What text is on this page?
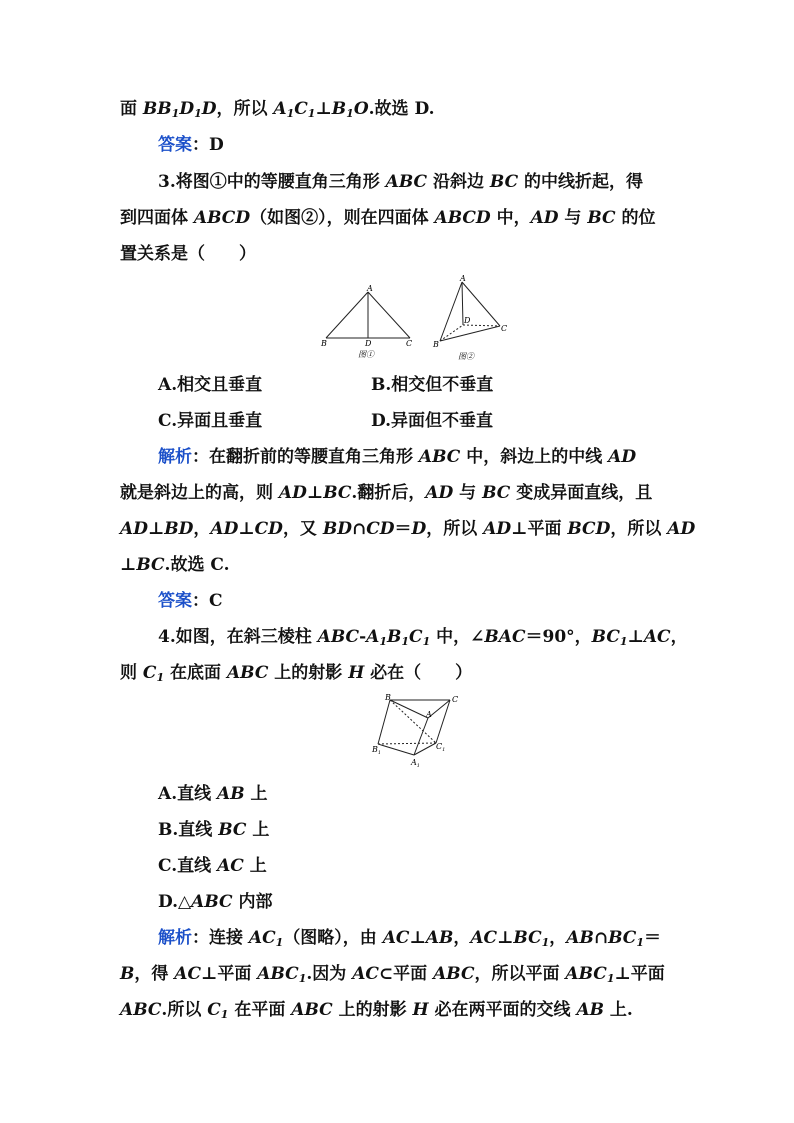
面 $BB_1D_1D$，所以 $A_1C_1\perp B_1O$.故选 D.
答案：D
3.将图①中的等腰直角三角形 ABC 沿斜边 BC 的中线折起，得
到四面体 ABCD（如图②），则在四面体 ABCD 中，AD 与 BC 的位
置关系是（　　）
A
B	D	C
图①
A
B
D
C
图②
A.相交且垂直	B.相交但不垂直
C.异面且垂直	D.异面但不垂直
解析：在翻折前的等腰直角三角形 ABC 中，斜边上的中线 AD
就是斜边上的高，则 AD⊥BC.翻折后，AD 与 BC 变成异面直线，且
AD⊥BD，AD⊥CD，又 BD∩CD＝D，所以 AD⊥平面 BCD，所以 AD
⊥BC.故选 C.
答案：C
4.如图，在斜三棱柱 ABC-$A_1B_1C_1$ 中，∠BAC＝90°，$BC_1\perp AC$，
则 $C_1$ 在底面 ABC 上的射影 H 必在（　　）
B	C
A
$B_1$
$C_1$
$A_1$
A.直线 AB 上
B.直线 BC 上
C.直线 AC 上
D.△ABC 内部
解析：连接 $AC_1$（图略），由 AC⊥AB，$AC\perp BC_1$，$AB\cap BC_1=$
B，得 AC⊥平面 $ABC_1$.因为 AC⊂平面 ABC，所以平面 $ABC_1\perp$平面
ABC.所以 $C_1$ 在平面 ABC 上的射影 H 必在两平面的交线 AB 上.
